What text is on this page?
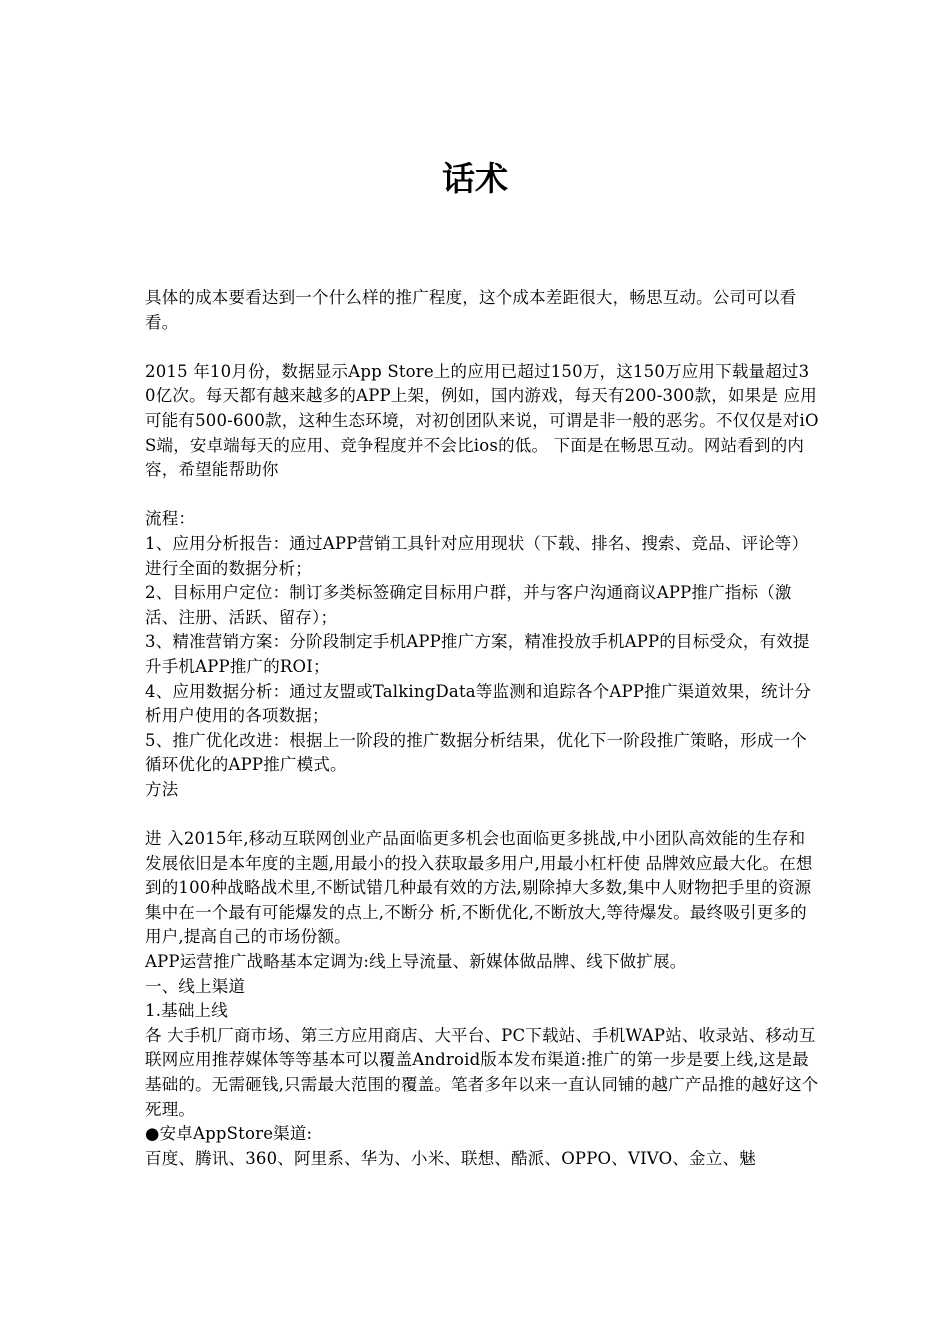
话术

具体的成本要看达到一个什么样的推广程度，这个成本差距很大，畅思互动。公司可以看看。

2015 年10月份，数据显示App Store上的应用已超过150万，这150万应用下载量超过30亿次。每天都有越来越多的APP上架，例如，国内游戏，每天有200-300款，如果是 应用可能有500-600款，这种生态环境，对初创团队来说，可谓是非一般的恶劣。不仅仅是对iOS端，安卓端每天的应用、竞争程度并不会比ios的低。 下面是在畅思互动。网站看到的内容，希望能帮助你

流程：

1、应用分析报告：通过APP营销工具针对应用现状（下载、排名、搜索、竞品、评论等）进行全面的数据分析；

2、目标用户定位：制订多类标签确定目标用户群，并与客户沟通商议APP推广指标（激活、注册、活跃、留存）；

3、精准营销方案：分阶段制定手机APP推广方案，精准投放手机APP的目标受众，有效提升手机APP推广的ROI；

4、应用数据分析：通过友盟或TalkingData等监测和追踪各个APP推广渠道效果，统计分析用户使用的各项数据；

5、推广优化改进：根据上一阶段的推广数据分析结果，优化下一阶段推广策略，形成一个循环优化的APP推广模式。

方法

进 入2015年,移动互联网创业产品面临更多机会也面临更多挑战,中小团队高效能的生存和发展依旧是本年度的主题,用最小的投入获取最多用户,用最小杠杆使 品牌效应最大化。在想到的100种战略战术里,不断试错几种最有效的方法,剔除掉大多数,集中人财物把手里的资源集中在一个最有可能爆发的点上,不断分 析,不断优化,不断放大,等待爆发。最终吸引更多的用户,提高自己的市场份额。

APP运营推广战略基本定调为:线上导流量、新媒体做品牌、线下做扩展。

一、线上渠道

1.基础上线

各 大手机厂商市场、第三方应用商店、大平台、PC下载站、手机WAP站、收录站、移动互联网应用推荐媒体等等基本可以覆盖Android版本发布渠道:推广的第一步是要上线,这是最基础的。无需砸钱,只需最大范围的覆盖。笔者多年以来一直认同铺的越广产品推的越好这个死理。

●安卓AppStore渠道:

百度、腾讯、360、阿里系、华为、小米、联想、酷派、OPPO、VIVO、金立、魅
